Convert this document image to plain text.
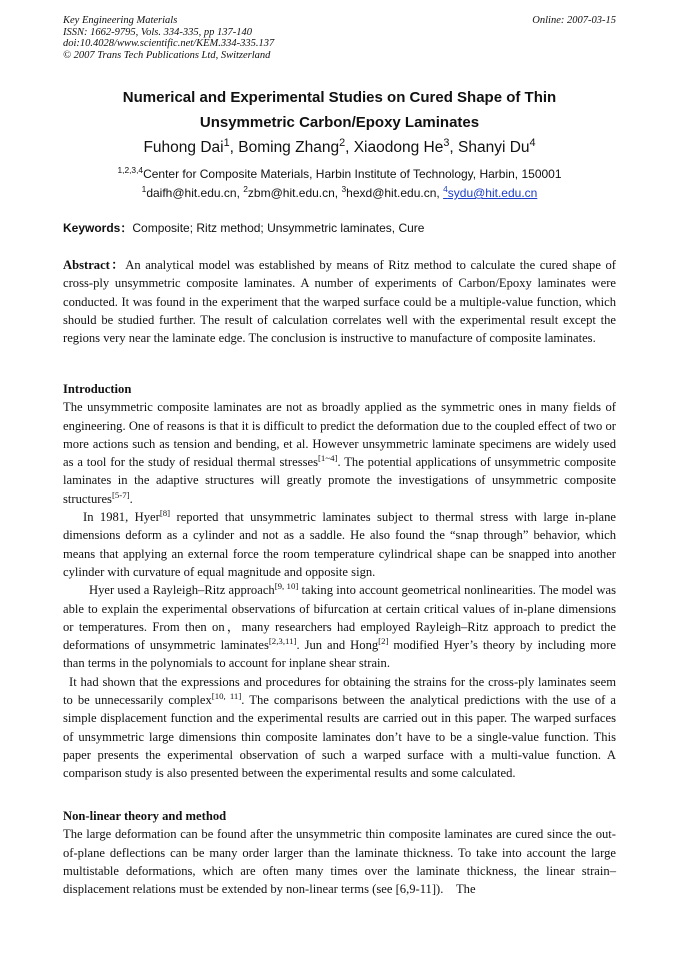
Key Engineering Materials
ISSN: 1662-9795, Vols. 334-335, pp 137-140
doi:10.4028/www.scientific.net/KEM.334-335.137
© 2007 Trans Tech Publications Ltd, Switzerland
Online: 2007-03-15
Numerical and Experimental Studies on Cured Shape of Thin
Unsymmetric Carbon/Epoxy Laminates
Fuhong Dai$^1$, Boming Zhang$^2$, Xiaodong He$^3$, Shanyi Du$^4$
$^{1,2,3,4}$Center for Composite Materials, Harbin Institute of Technology, Harbin, 150001
$^1$daifh@hit.edu.cn, $^2$zbm@hit.edu.cn, $^3$hexd@hit.edu.cn, $^4$sydu@hit.edu.cn
Keywords：Composite; Ritz method; Unsymmetric laminates, Cure

Abstract：An analytical model was established by means of Ritz method to calculate the cured shape of cross-ply unsymmetric composite laminates. A number of experiments of Carbon/Epoxy laminates were conducted. It was found in the experiment that the warped surface could be a multiple-value function, which should be studied further. The result of calculation correlates well with the experimental result except the regions very near the laminate edge. The conclusion is instructive to manufacture of composite laminates.

Introduction

The unsymmetric composite laminates are not as broadly applied as the symmetric ones in many fields of engineering. One of reasons is that it is difficult to predict the deformation due to the coupled effect of two or more actions such as tension and bending, et al. However unsymmetric laminate specimens are widely used as a tool for the study of residual thermal stresses[1~4]. The potential applications of unsymmetric composite laminates in the adaptive structures will greatly promote the investigations of unsymmetric composite structures[5-7].

In 1981, Hyer[8] reported that unsymmetric laminates subject to thermal stress with large in-plane dimensions deform as a cylinder and not as a saddle. He also found the “snap through” behavior, which means that applying an external force the room temperature cylindrical shape can be snapped into another cylinder with curvature of equal magnitude and opposite sign.

Hyer used a Rayleigh–Ritz approach[9, 10] taking into account geometrical nonlinearities. The model was able to explain the experimental observations of bifurcation at certain critical values of in-plane dimensions or temperatures. From then on，many researchers had employed Rayleigh–Ritz approach to predict the deformations of unsymmetric laminates[2,3,11]. Jun and Hong[2] modified Hyer’s theory by including more than terms in the polynomials to account for inplane shear strain.

It had shown that the expressions and procedures for obtaining the strains for the cross-ply laminates seem to be unnecessarily complex[10, 11]. The comparisons between the analytical predictions with the use of a simple displacement function and the experimental results are carried out in this paper. The warped surfaces of unsymmetric large dimensions thin composite laminates don’t have to be a single-value function. This paper presents the experimental observation of such a warped surface with a multi-value function. A comparison study is also presented between the experimental results and some calculated.

Non-linear theory and method

The large deformation can be found after the unsymmetric thin composite laminates are cured since the out-of-plane deflections can be many order larger than the laminate thickness. To take into account the large multistable deformations, which are often many times over the laminate thickness, the linear strain–displacement relations must be extended by non-linear terms (see [6,9-11]).　The
